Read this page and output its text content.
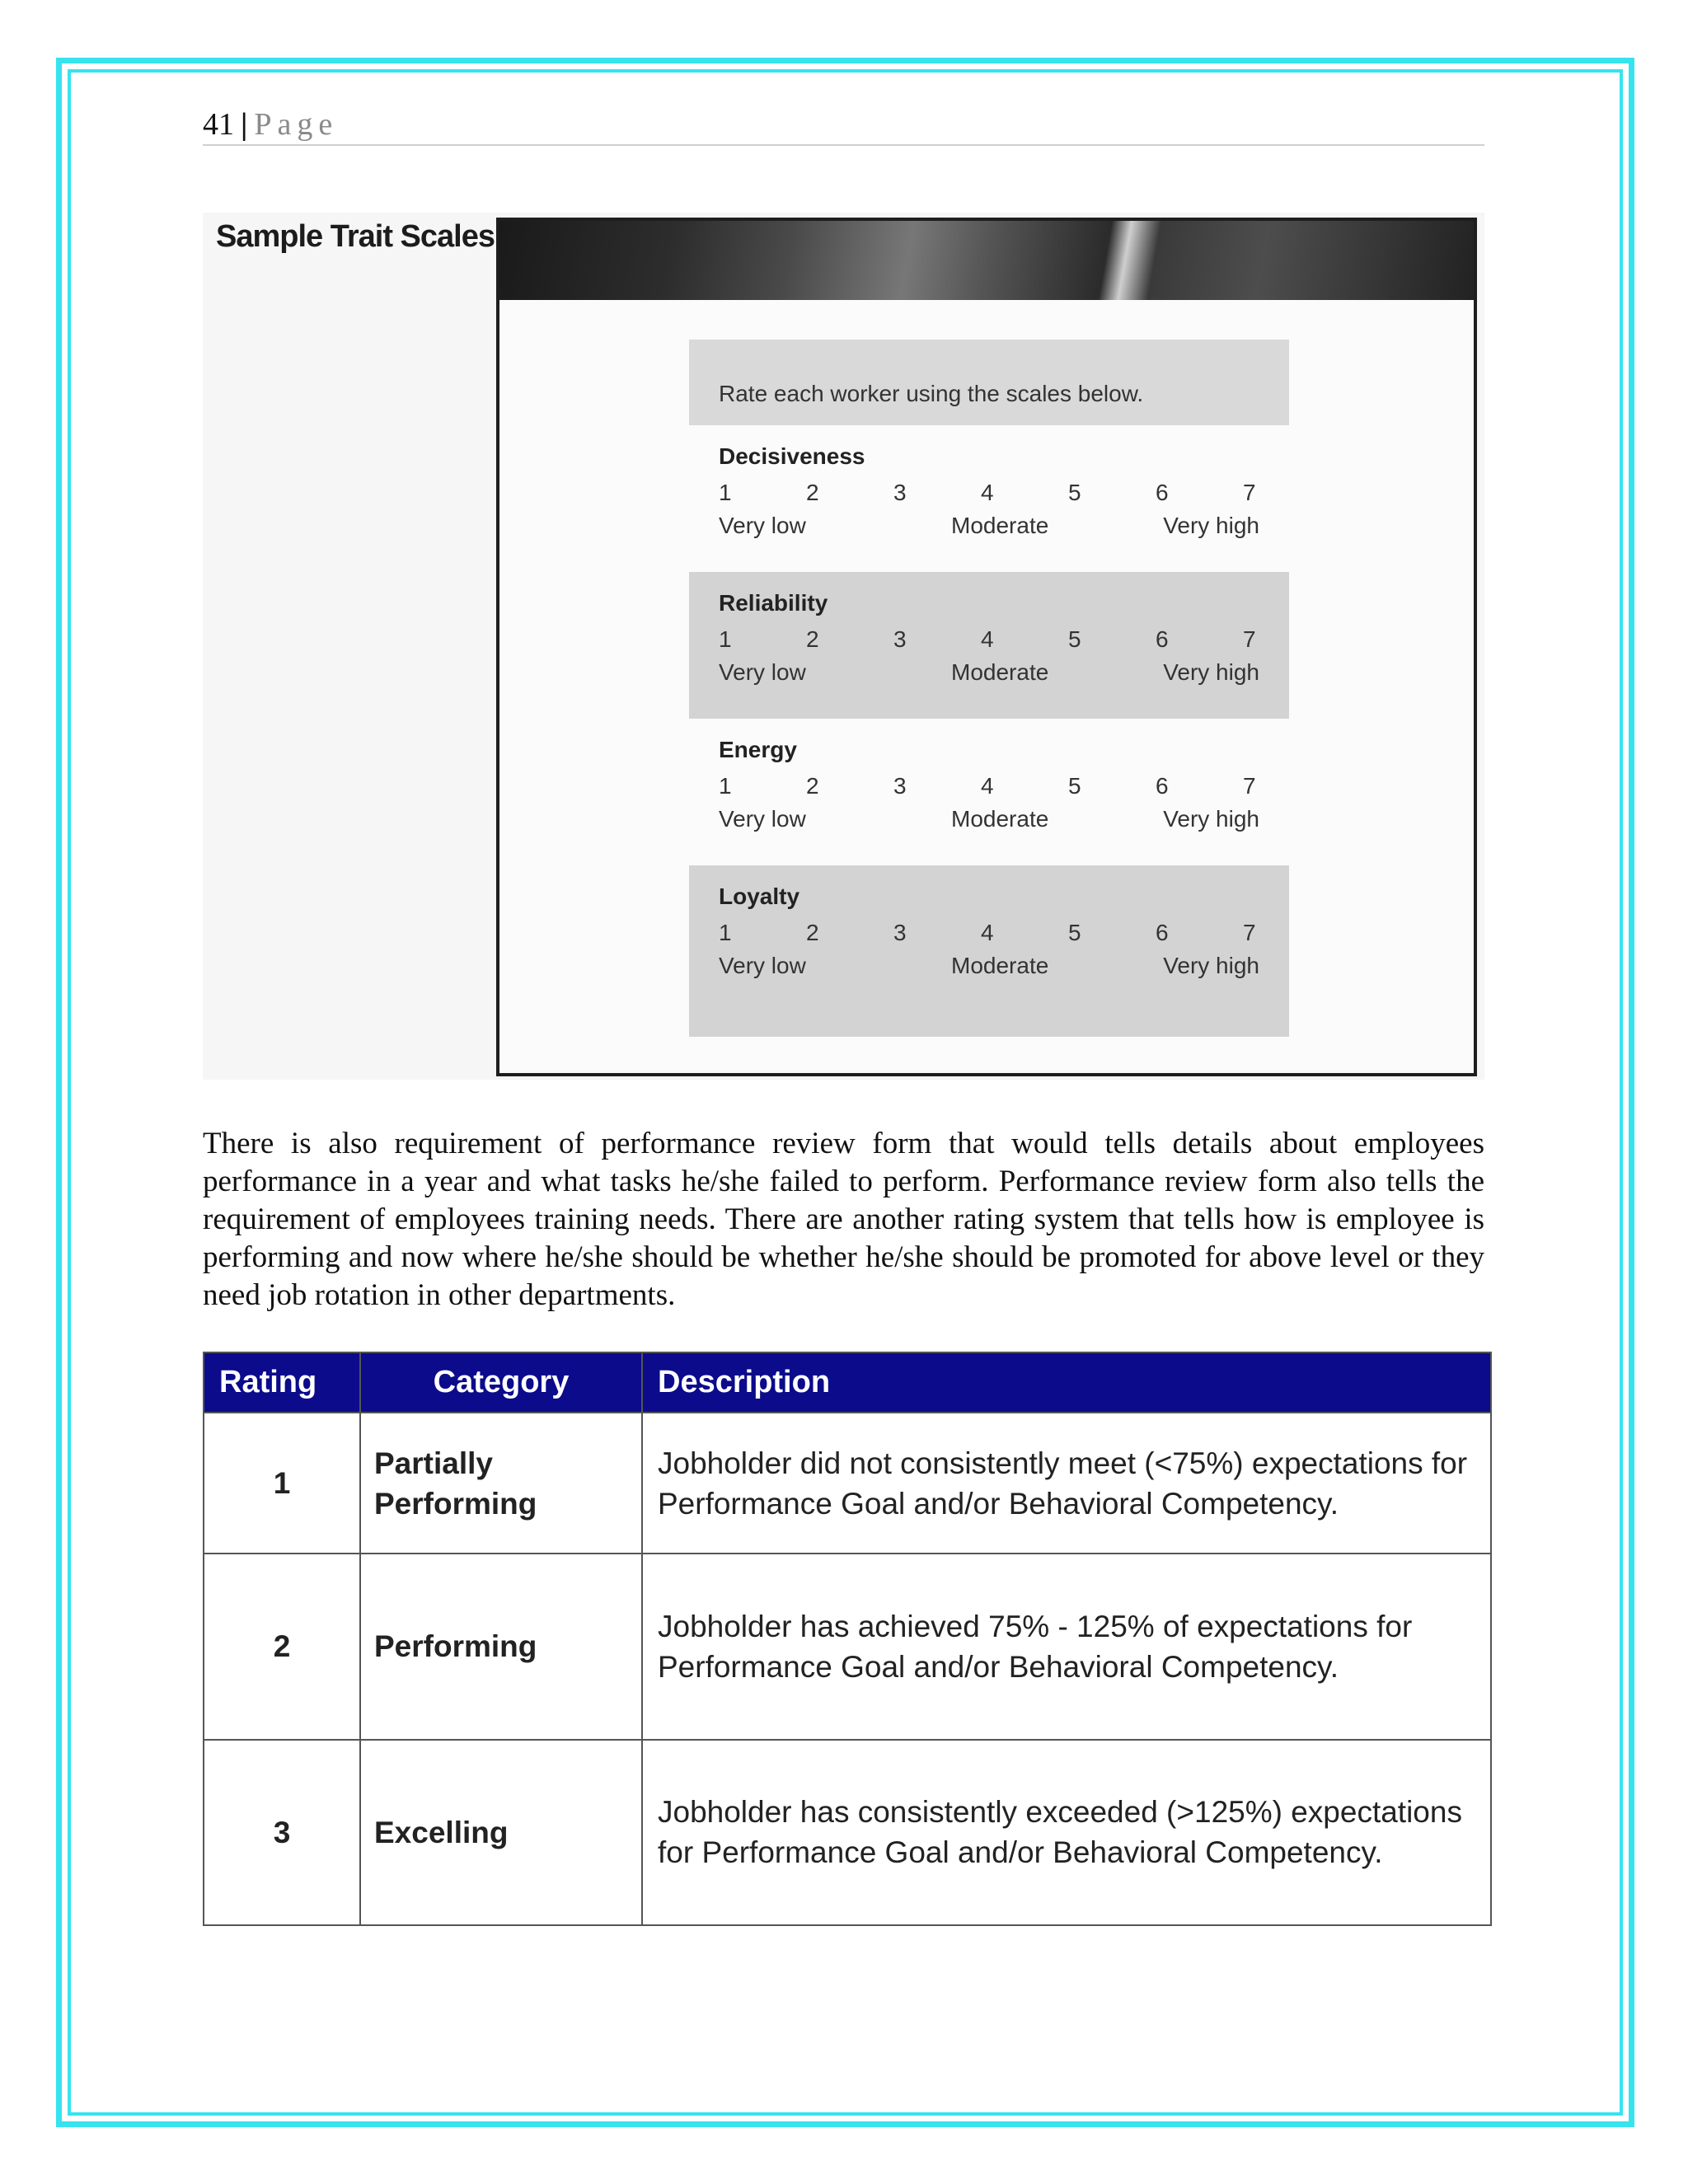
41 | Page
Sample Trait Scales
Rate each worker using the scales below.
Decisiveness
1	2	3	4	5	6	7
Very low	Moderate	Very high
Reliability
1	2	3	4	5	6	7
Very low	Moderate	Very high
Energy
1	2	3	4	5	6	7
Very low	Moderate	Very high
Loyalty
1	2	3	4	5	6	7
Very low	Moderate	Very high
There is also requirement of performance review form that would tells details about employees performance in a year and what tasks he/she failed to perform. Performance review form also tells the requirement of employees training needs. There are another rating system that tells how is employee is performing and now where he/she should be whether he/she should be promoted for above level or they need job rotation in other departments.
Rating	Category	Description
1	Partially Performing	Jobholder did not consistently meet (<75%) expectations for Performance Goal and/or Behavioral Competency.
2	Performing	Jobholder has achieved 75% - 125% of expectations for Performance Goal and/or Behavioral Competency.
3	Excelling	Jobholder has consistently exceeded (>125%) expectations for Performance Goal and/or Behavioral Competency.
